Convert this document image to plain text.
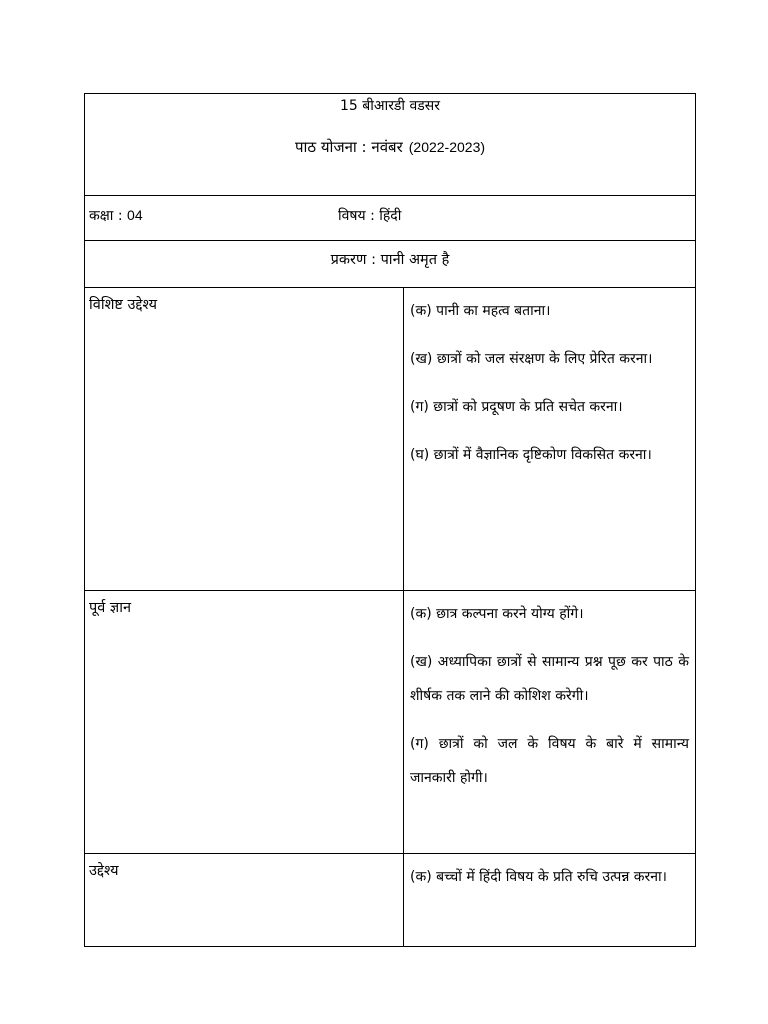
15 बीआरडी वडसर
पाठ योजना : नवंबर (2022-2023)	

कक्षा : 04 विषय : हिंदी	

प्रकरण : पानी अमृत है	

विशिष्ट उद्देश्य	(क) पानी का महत्व बताना।

(ख) छात्रों को जल संरक्षण के लिए प्रेरित करना।

(ग) छात्रों को प्रदूषण के प्रति सचेत करना।

(घ) छात्रों में वैज्ञानिक दृष्टिकोण विकसित करना।

पूर्व ज्ञान	(क) छात्र कल्पना करने योग्य होंगे।

(ख) अध्यापिका छात्रों से सामान्य प्रश्न पूछ कर पाठ के शीर्षक तक लाने की कोशिश करेगी।

(ग) छात्रों को जल के विषय के बारे में सामान्य जानकारी होगी।

उद्देश्य	(क) बच्चों में हिंदी विषय के प्रति रुचि उत्पन्न करना।
